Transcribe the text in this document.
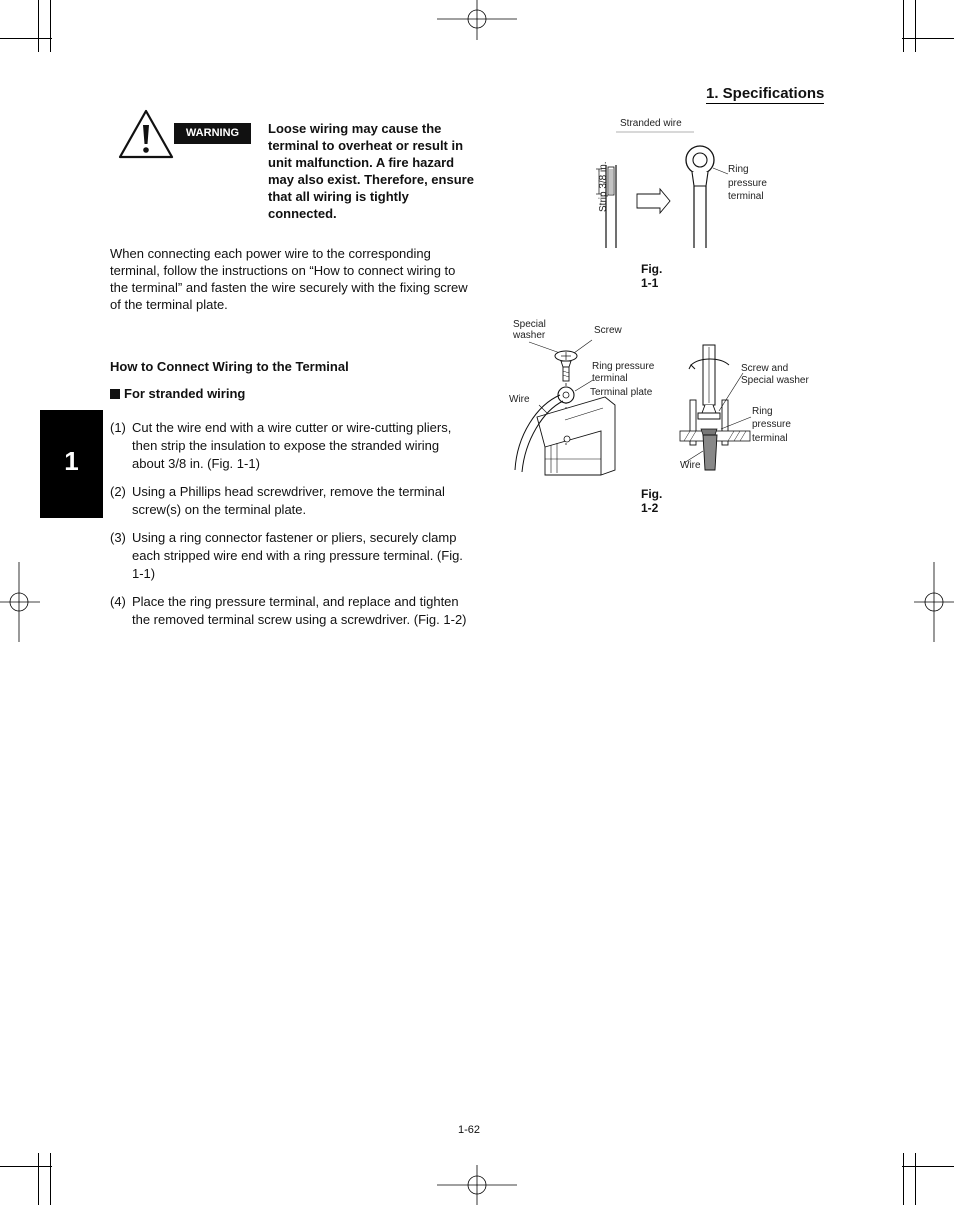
1. Specifications
WARNING	Loose wiring may cause the terminal to overheat or result in unit malfunction. A fire hazard may also exist. Therefore, ensure that all wiring is tightly connected.
When connecting each power wire to the corresponding terminal, follow the instructions on “How to connect wiring to the terminal” and fasten the wire securely with the fixing screw of the terminal plate.
1
How to Connect Wiring to the Terminal
For stranded wiring
(1) Cut the wire end with a wire cutter or wire-cutting pliers, then strip the insulation to expose the stranded wiring about 3/8 in. (Fig. 1-1)
(2) Using a Phillips head screwdriver, remove the terminal screw(s) on the terminal plate.
(3) Using a ring connector fastener or pliers, securely clamp each stripped wire end with a ring pressure terminal. (Fig. 1-1)
(4) Place the ring pressure terminal, and replace and tighten the removed terminal screw using a screwdriver. (Fig. 1-2)
Stranded wire
Strip 3/8 in.	Ring
pressure
terminal
Fig. 1-1
Special
washer	Screw
Ring pressure
terminal
Terminal plate
Wire
Screw and
Special washer
Ring
pressure
terminal
Wire
Fig. 1-2
1-62
